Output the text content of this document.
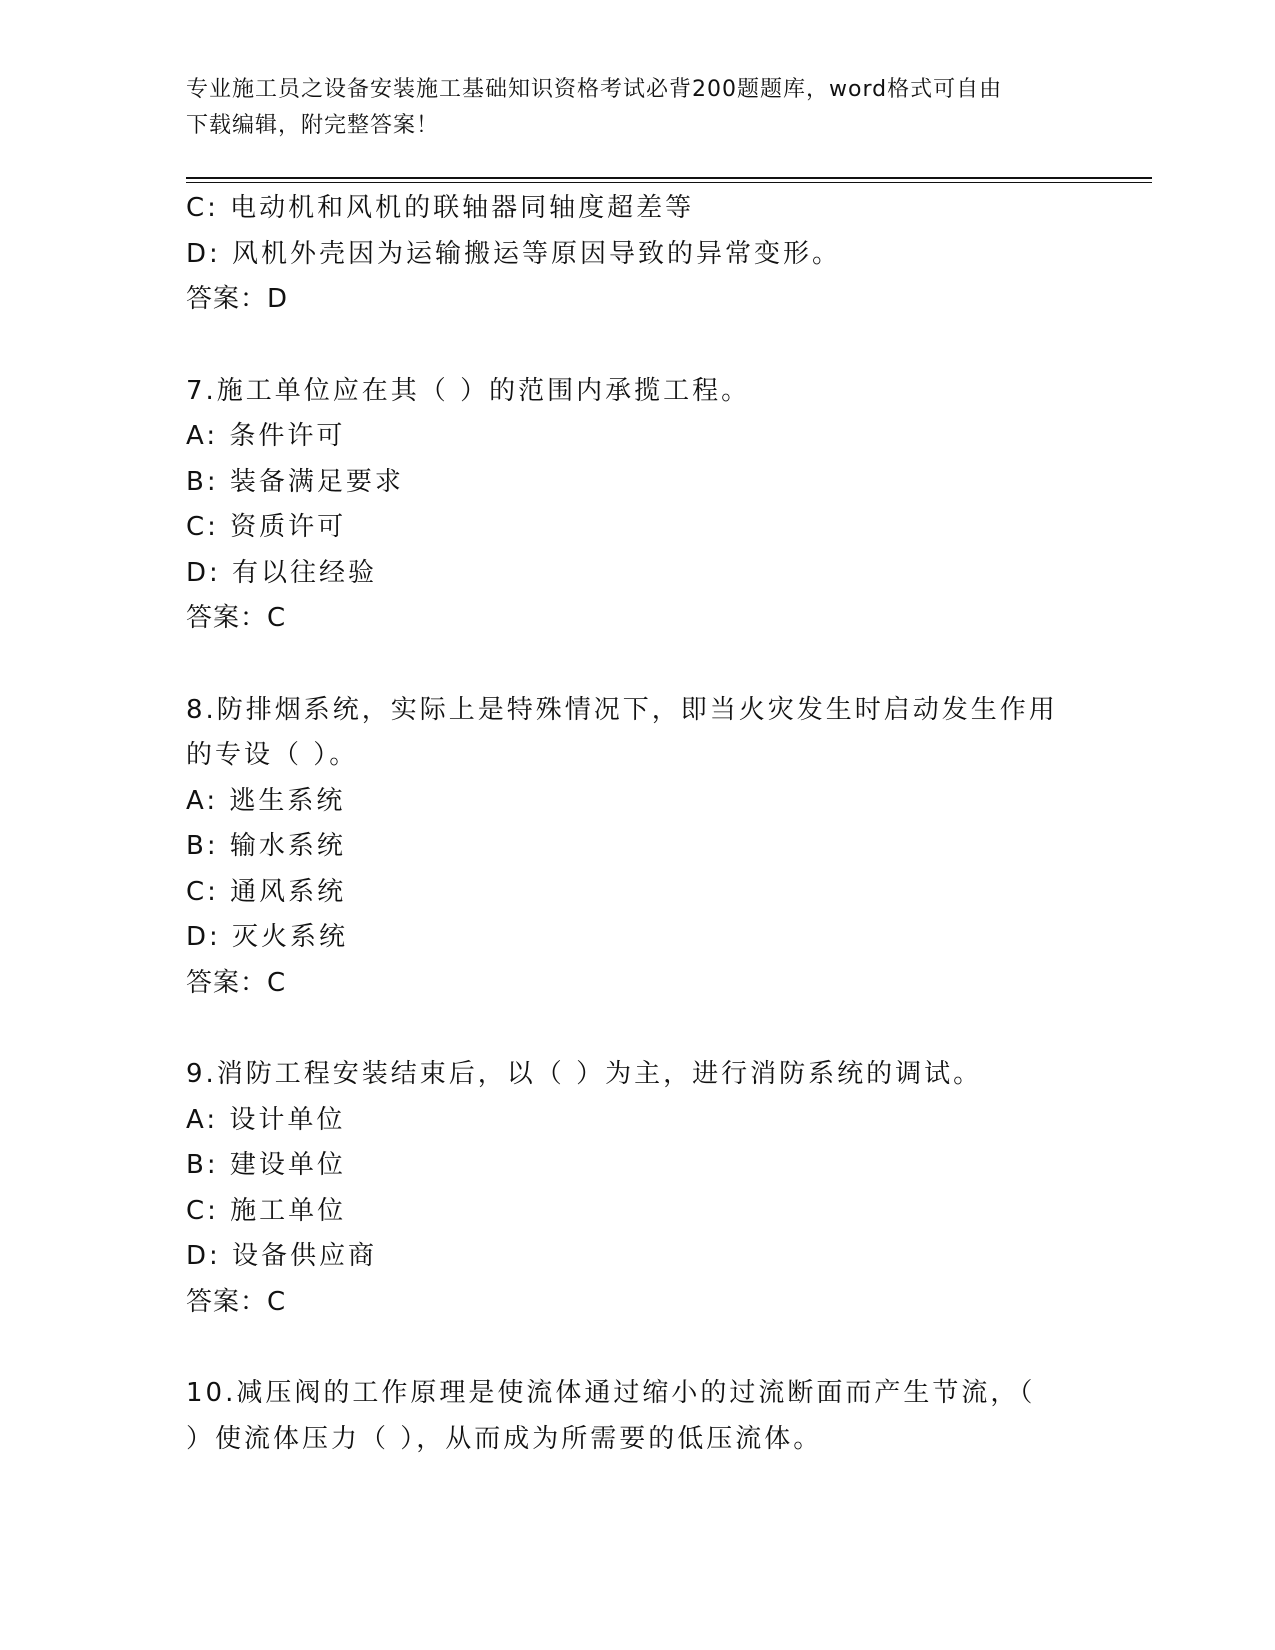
专业施工员之设备安装施工基础知识资格考试必背200题题库，word格式可自由
下载编辑，附完整答案！
C: 电动机和风机的联轴器同轴度超差等
D: 风机外壳因为运输搬运等原因导致的异常变形。
答案：D
7.施工单位应在其（ ）的范围内承揽工程。
A: 条件许可
B: 装备满足要求
C: 资质许可
D: 有以往经验
答案：C
8.防排烟系统，实际上是特殊情况下，即当火灾发生时启动发生作用
的专设（ ）。
A: 逃生系统
B: 输水系统
C: 通风系统
D: 灭火系统
答案：C
9.消防工程安装结束后，以（ ）为主，进行消防系统的调试。
A: 设计单位
B: 建设单位
C: 施工单位
D: 设备供应商
答案：C
10.减压阀的工作原理是使流体通过缩小的过流断面而产生节流，（
）使流体压力（ ），从而成为所需要的低压流体。
